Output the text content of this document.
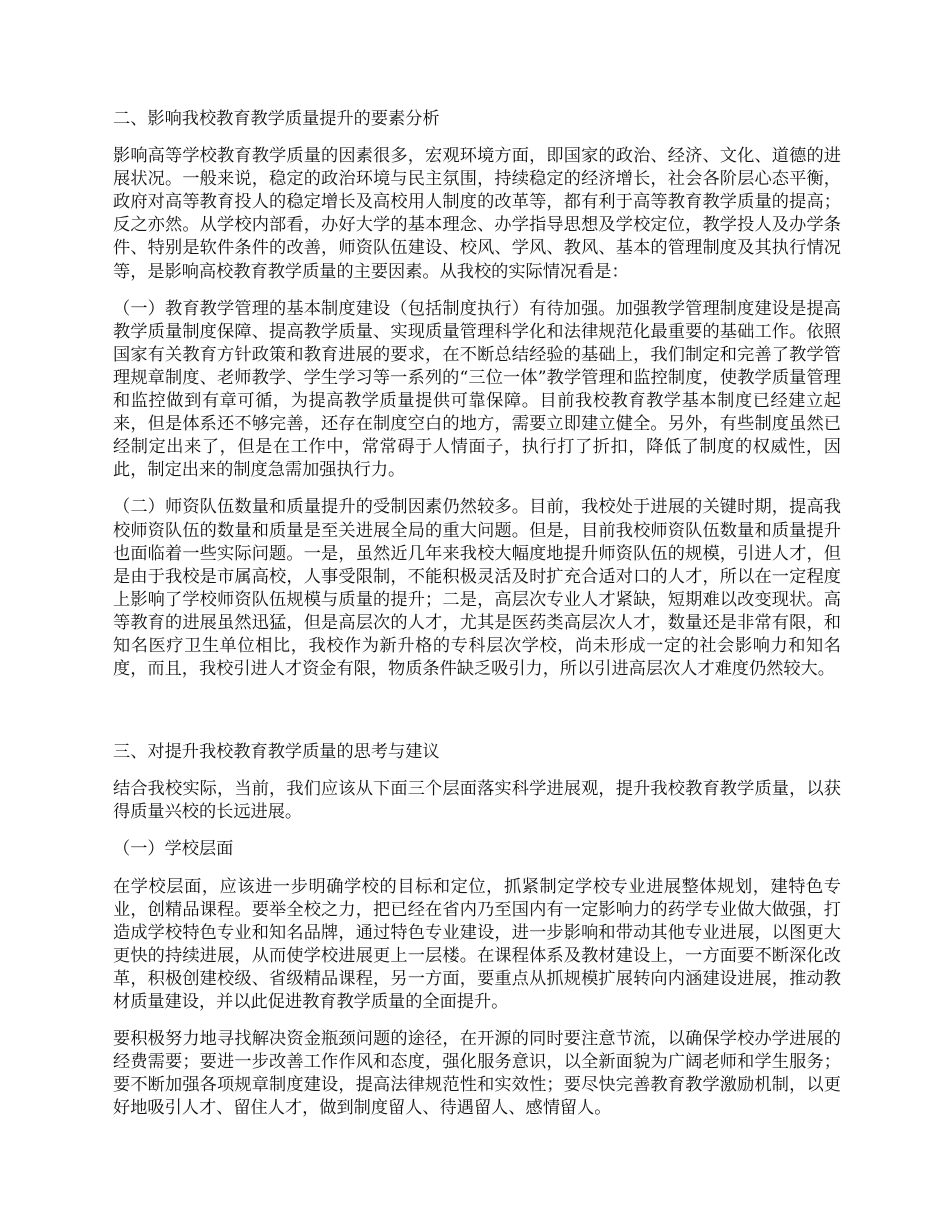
二、影响我校教育教学质量提升的要素分析
影响高等学校教育教学质量的因素很多，宏观环境方面，即国家的政治、经济、文化、道德的进展状况。一般来说，稳定的政治环境与民主氛围，持续稳定的经济增长，社会各阶层心态平衡，政府对高等教育投人的稳定增长及高校用人制度的改革等，都有利于高等教育教学质量的提高；反之亦然。从学校内部看，办好大学的基本理念、办学指导思想及学校定位，教学投人及办学条件、特别是软件条件的改善，师资队伍建设、校风、学风、教风、基本的管理制度及其执行情况等，是影响高校教育教学质量的主要因素。从我校的实际情况看是：
（一）教育教学管理的基本制度建设（包括制度执行）有待加强。加强教学管理制度建设是提高教学质量制度保障、提高教学质量、实现质量管理科学化和法律规范化最重要的基础工作。依照国家有关教育方针政策和教育进展的要求，在不断总结经验的基础上，我们制定和完善了教学管理规章制度、老师教学、学生学习等一系列的“三位一体”教学管理和监控制度，使教学质量管理和监控做到有章可循，为提高教学质量提供可靠保障。目前我校教育教学基本制度已经建立起来，但是体系还不够完善，还存在制度空白的地方，需要立即建立健全。另外，有些制度虽然已经制定出来了，但是在工作中，常常碍于人情面子，执行打了折扣，降低了制度的权威性，因此，制定出来的制度急需加强执行力。
（二）师资队伍数量和质量提升的受制因素仍然较多。目前，我校处于进展的关键时期，提高我校师资队伍的数量和质量是至关进展全局的重大问题。但是，目前我校师资队伍数量和质量提升也面临着一些实际问题。一是，虽然近几年来我校大幅度地提升师资队伍的规模，引进人才，但是由于我校是市属高校，人事受限制，不能积极灵活及时扩充合适对口的人才，所以在一定程度上影响了学校师资队伍规模与质量的提升；二是，高层次专业人才紧缺，短期难以改变现状。高等教育的进展虽然迅猛，但是高层次的人才，尤其是医药类高层次人才，数量还是非常有限，和知名医疗卫生单位相比，我校作为新升格的专科层次学校，尚未形成一定的社会影响力和知名度，而且，我校引进人才资金有限，物质条件缺乏吸引力，所以引进高层次人才难度仍然较大。
三、对提升我校教育教学质量的思考与建议
结合我校实际，当前，我们应该从下面三个层面落实科学进展观，提升我校教育教学质量，以获得质量兴校的长远进展。
（一）学校层面
在学校层面，应该进一步明确学校的目标和定位，抓紧制定学校专业进展整体规划，建特色专业，创精品课程。要举全校之力，把已经在省内乃至国内有一定影响力的药学专业做大做强，打造成学校特色专业和知名品牌，通过特色专业建设，进一步影响和带动其他专业进展，以图更大更快的持续进展，从而使学校进展更上一层楼。在课程体系及教材建设上，一方面要不断深化改革，积极创建校级、省级精品课程，另一方面，要重点从抓规模扩展转向内涵建设进展，推动教材质量建设，并以此促进教育教学质量的全面提升。
要积极努力地寻找解决资金瓶颈问题的途径，在开源的同时要注意节流，以确保学校办学进展的经费需要；要进一步改善工作作风和态度，强化服务意识，以全新面貌为广阔老师和学生服务；要不断加强各项规章制度建设，提高法律规范性和实效性；要尽快完善教育教学激励机制，以更好地吸引人才、留住人才，做到制度留人、待遇留人、感情留人。
